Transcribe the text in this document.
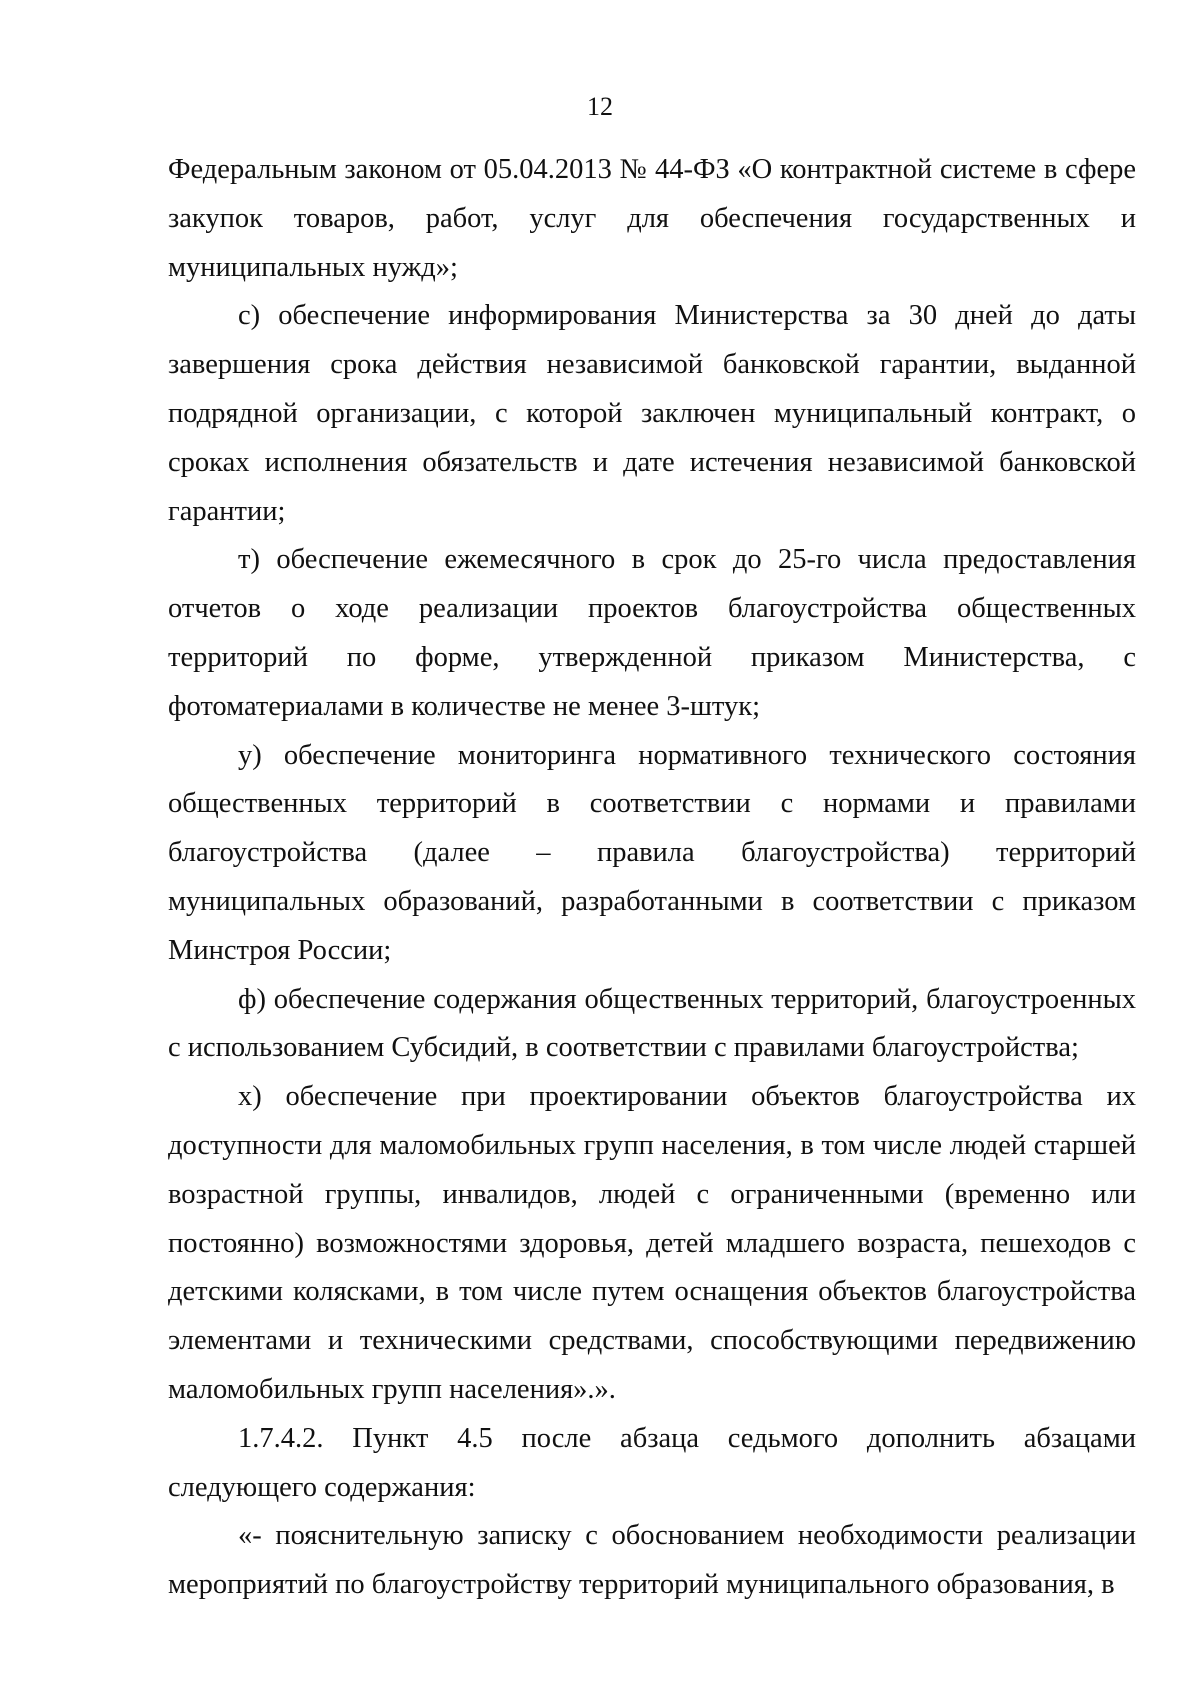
12

Федеральным законом от 05.04.2013 № 44-ФЗ «О контрактной системе в сфере закупок товаров, работ, услуг для обеспечения государственных и муниципальных нужд»;

с) обеспечение информирования Министерства за 30 дней до даты завершения срока действия независимой банковской гарантии, выданной подрядной организации, с которой заключен муниципальный контракт, о сроках исполнения обязательств и дате истечения независимой банковской гарантии;

т) обеспечение ежемесячного в срок до 25-го числа предоставления отчетов о ходе реализации проектов благоустройства общественных территорий по форме, утвержденной приказом Министерства, с фотоматериалами в количестве не менее 3-штук;

у) обеспечение мониторинга нормативного технического состояния общественных территорий в соответствии с нормами и правилами благоустройства (далее – правила благоустройства) территорий муниципальных образований, разработанными в соответствии с приказом Минстроя России;

ф) обеспечение содержания общественных территорий, благоустроенных с использованием Субсидий, в соответствии с правилами благоустройства;

х) обеспечение при проектировании объектов благоустройства их доступности для маломобильных групп населения, в том числе людей старшей возрастной группы, инвалидов, людей с ограниченными (временно или постоянно) возможностями здоровья, детей младшего возраста, пешеходов с детскими колясками, в том числе путем оснащения объектов благоустройства элементами и техническими средствами, способствующими передвижению маломобильных групп населения».».

1.7.4.2. Пункт 4.5 после абзаца седьмого дополнить абзацами следующего содержания:

«- пояснительную записку с обоснованием необходимости реализации мероприятий по благоустройству территорий муниципального образования, в
